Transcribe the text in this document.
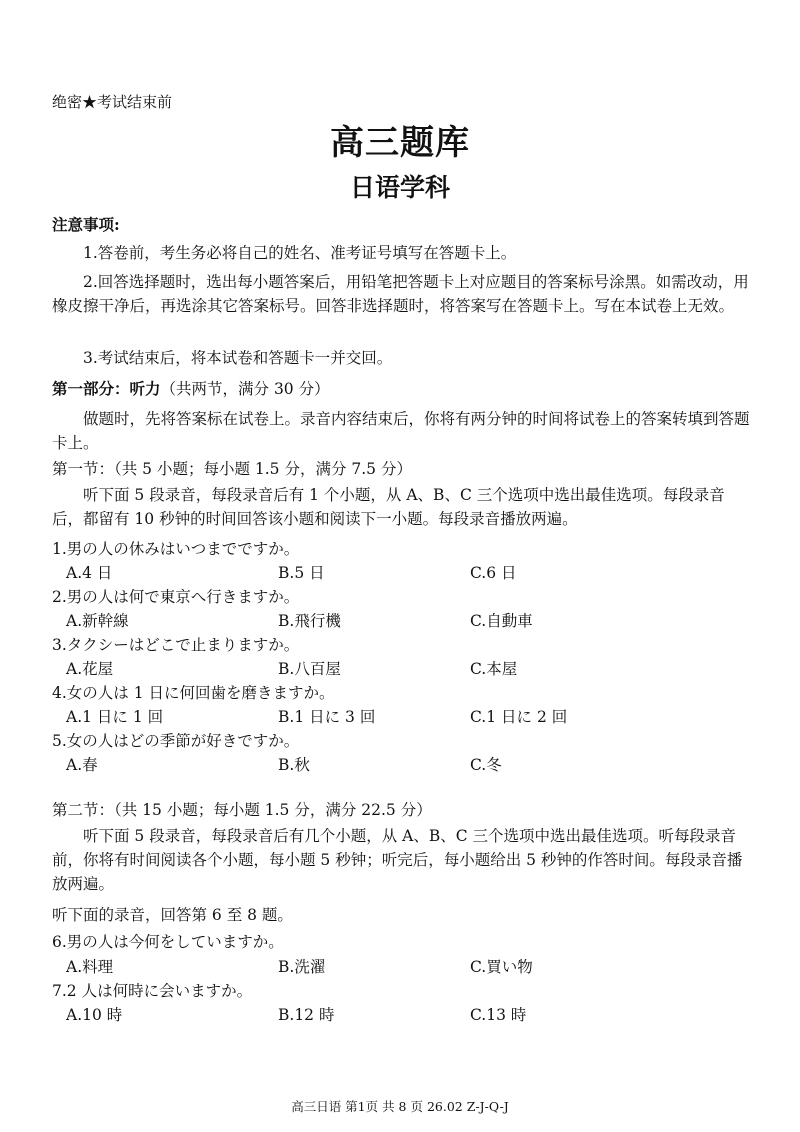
绝密★考试结束前
高三题库
日语学科
注意事项:
1.答卷前，考生务必将自己的姓名、准考证号填写在答题卡上。
2.回答选择题时，选出每小题答案后，用铅笔把答题卡上对应题目的答案标号涂黑。如需改动，用橡皮擦干净后，再选涂其它答案标号。回答非选择题时，将答案写在答题卡上。写在本试卷上无效。
3.考试结束后，将本试卷和答题卡一并交回。
第一部分：听力（共两节，满分 30 分）
做题时，先将答案标在试卷上。录音内容结束后，你将有两分钟的时间将试卷上的答案转填到答题卡上。
第一节：（共 5 小题；每小题 1.5 分，满分 7.5 分）
听下面 5 段录音，每段录音后有 1 个小题，从 A、B、C 三个选项中选出最佳选项。每段录音后，都留有 10 秒钟的时间回答该小题和阅读下一小题。每段录音播放两遍。
1.男の人の休みはいつまでですか。
A.4 日	B.5 日	C.6 日
2.男の人は何で東京へ行きますか。
A.新幹線	B.飛行機	C.自動車
3.タクシーはどこで止まりますか。
A.花屋	B.八百屋	C.本屋
4.女の人は 1 日に何回歯を磨きますか。
A.1 日に 1 回	B.1 日に 3 回	C.1 日に 2 回
5.女の人はどの季節が好きですか。
A.春	B.秋	C.冬
第二节：（共 15 小题；每小题 1.5 分，满分 22.5 分）
听下面 5 段录音，每段录音后有几个小题，从 A、B、C 三个选项中选出最佳选项。听每段录音前，你将有时间阅读各个小题，每小题 5 秒钟；听完后，每小题给出 5 秒钟的作答时间。每段录音播放两遍。
听下面的录音，回答第 6 至 8 题。
6.男の人は今何をしていますか。
A.料理	B.洗濯	C.買い物
7.2 人は何時に会いますか。
A.10 時	B.12 時	C.13 時
高三日语 第1页 共 8 页 26.02 Z-J-Q-J
